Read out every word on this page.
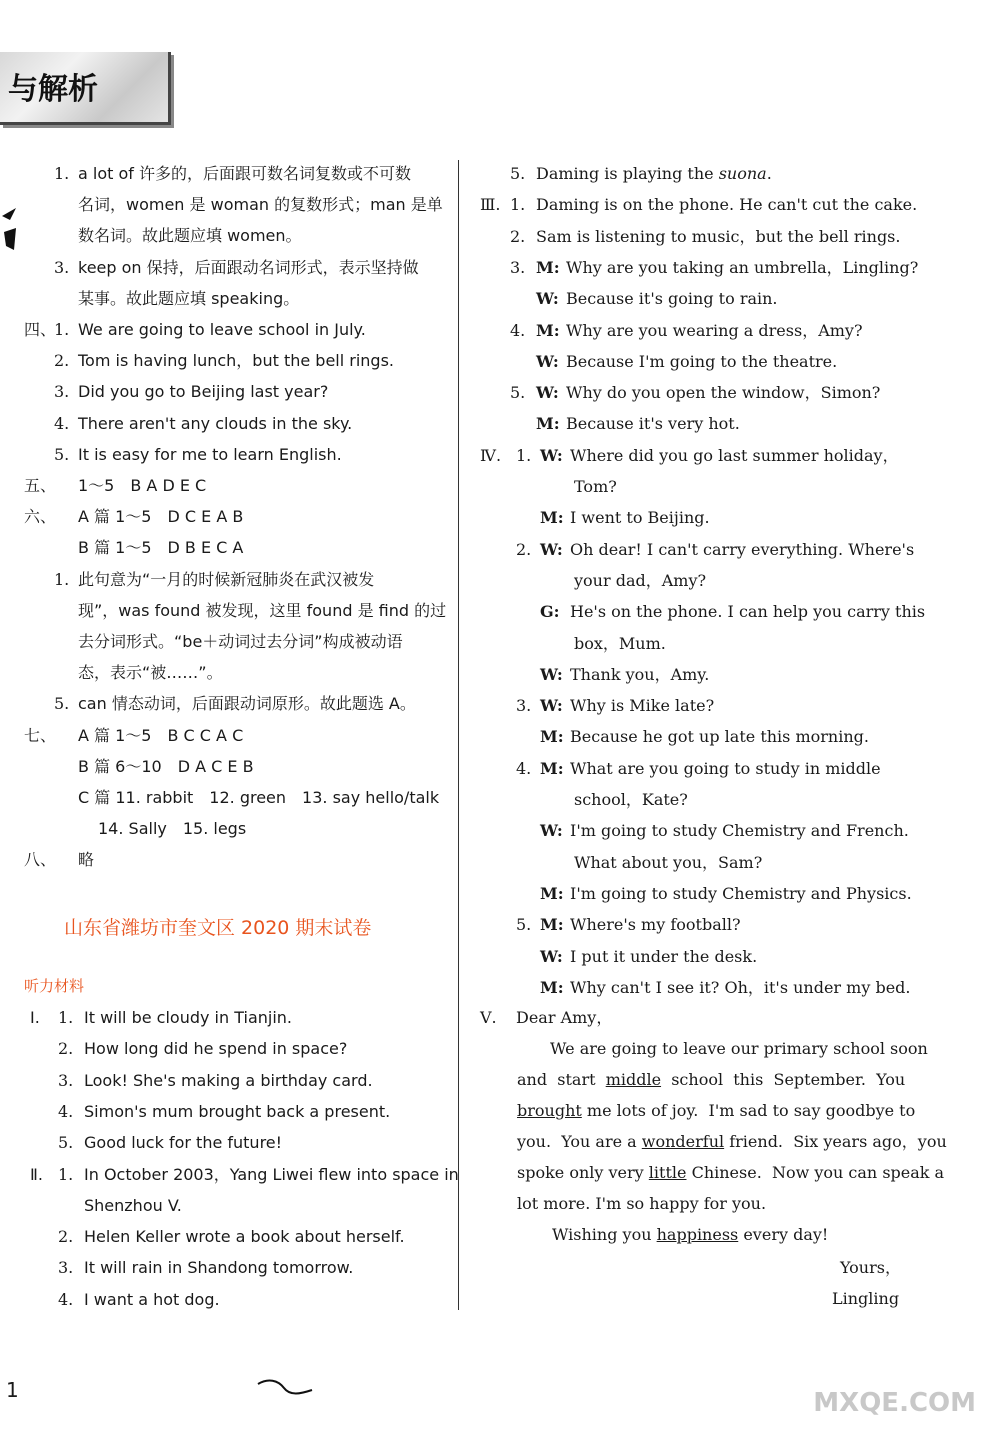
与解析
1. a lot of 许多的，后面跟可数名词复数或不可数
名词，women 是 woman 的复数形式；man 是单
数名词。故此题应填 women。
3. keep on 保持，后面跟动名词形式，表示坚持做
某事。故此题应填 speaking。
四、
1. We are going to leave school in July.
2. Tom is having lunch，but the bell rings.
3. Did you go to Beijing last year?
4. There aren't any clouds in the sky.
5. It is easy for me to learn English.
五、 1～5　B A D E C
六、 A 篇 1～5　D C E A B
B 篇 1～5　D B E C A
1. 此句意为“一月的时候新冠肺炎在武汉被发
现”，was found 被发现，这里 found 是 find 的过
去分词形式。“be＋动词过去分词”构成被动语
态，表示“被……”。
5. can 情态动词，后面跟动词原形。故此题选 A。
七、 A 篇 1～5　B C C A C
B 篇 6～10　D A C E B
C 篇 11. rabbit　12. green　13. say hello/talk
14. Sally　15. legs
八、 略
山东省潍坊市奎文区 2020 期末试卷
听力材料
Ⅰ. 1. It will be cloudy in Tianjin.
2. How long did he spend in space?
3. Look! She's making a birthday card.
4. Simon's mum brought back a present.
5. Good luck for the future!
Ⅱ. 1. In October 2003，Yang Liwei flew into space in
Shenzhou V.
2. Helen Keller wrote a book about herself.
3. It will rain in Shandong tomorrow.
4. I want a hot dog.
5. Daming is playing the suona.
Ⅲ. 1. Daming is on the phone. He can't cut the cake.
2. Sam is listening to music，but the bell rings.
3. M: Why are you taking an umbrella，Lingling?
W: Because it's going to rain.
4. M: Why are you wearing a dress，Amy?
W: Because I'm going to the theatre.
5. W: Why do you open the window，Simon?
M: Because it's very hot.
Ⅳ. 1. W: Where did you go last summer holiday，
Tom?
M: I went to Beijing.
2. W: Oh dear! I can't carry everything. Where's
your dad，Amy?
G: He's on the phone. I can help you carry this
box，Mum.
W: Thank you，Amy.
3. W: Why is Mike late?
M: Because he got up late this morning.
4. M: What are you going to study in middle
school，Kate?
W: I'm going to study Chemistry and French.
What about you，Sam?
M: I'm going to study Chemistry and Physics.
5. M: Where's my football?
W: I put it under the desk.
M: Why can't I see it? Oh，it's under my bed.
Ⅴ. Dear Amy，
We are going to leave our primary school soon
and  start  middle  school  this  September.  You
brought me lots of joy.  I'm sad to say goodbye to
you.  You are a wonderful friend.  Six years ago，you
spoke only very little Chinese.  Now you can speak a
lot more. I'm so happy for you.
Wishing you happiness every day!
Yours，
Lingling
1	MXQE.COM
